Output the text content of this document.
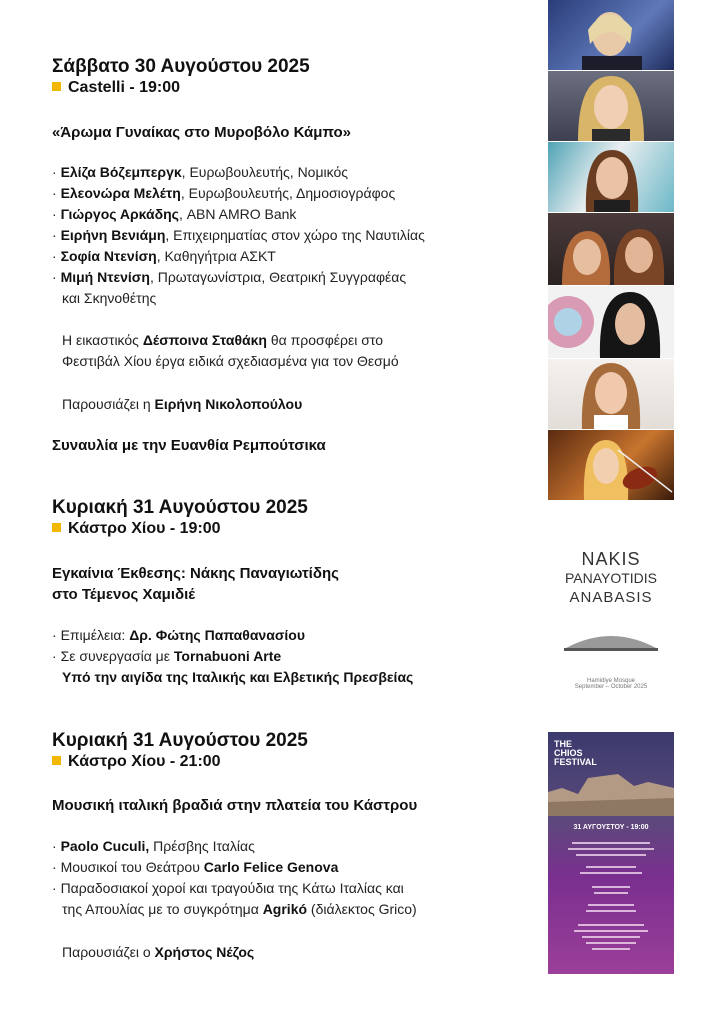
Σάββατο 30 Αυγούστου 2025
Castelli - 19:00
«Άρωμα Γυναίκας στο Μυροβόλο Κάμπο»
· Ελίζα Βόζεμπεργκ, Ευρωβουλευτής, Νομικός
· Ελεονώρα Μελέτη, Ευρωβουλευτής, Δημοσιογράφος
· Γιώργος Αρκάδης, ABN AMRO Bank
· Ειρήνη Βενιάμη, Επιχειρηματίας στον χώρο της Ναυτιλίας
· Σοφία Ντενίση, Καθηγήτρια ΑΣΚΤ
· Μιμή Ντενίση, Πρωταγωνίστρια, Θεατρική Συγγραφέας
και Σκηνοθέτης
Η εικαστικός Δέσποινα Σταθάκη θα προσφέρει στο
Φεστιβάλ Χίου έργα ειδικά σχεδιασμένα για τον Θεσμό
Παρουσιάζει η Ειρήνη Νικολοπούλου
Συναυλία με την Ευανθία Ρεμπούτσικα
Κυριακή 31 Αυγούστου 2025
Κάστρο Χίου - 19:00
Εγκαίνια Έκθεσης: Νάκης Παναγιωτίδης
στο Τέμενος Χαμιδιέ
· Επιμέλεια: Δρ. Φώτης Παπαθανασίου
· Σε συνεργασία με Tornabuoni Arte
Υπό την αιγίδα της Ιταλικής και Ελβετικής Πρεσβείας
Κυριακή 31 Αυγούστου 2025
Κάστρο Χίου - 21:00
Μουσική ιταλική βραδιά στην πλατεία του Κάστρου
· Paolo Cuculi, Πρέσβης Ιταλίας
· Μουσικοί του Θεάτρου Carlo Felice Genova
· Παραδοσιακοί χοροί και τραγούδια της Κάτω Ιταλίας και
της Απουλίας με το συγκρότημα Agrikó (διάλεκτος Grico)
Παρουσιάζει ο Χρήστος Νέζος
NAKIS
PANAYOTIDIS
ANABASIS
Hamidiye Mosque
September – October 2025
THE
CHIOS
FESTIVAL
31 ΑΥΓΟΥΣΤΟΥ - 19:00
